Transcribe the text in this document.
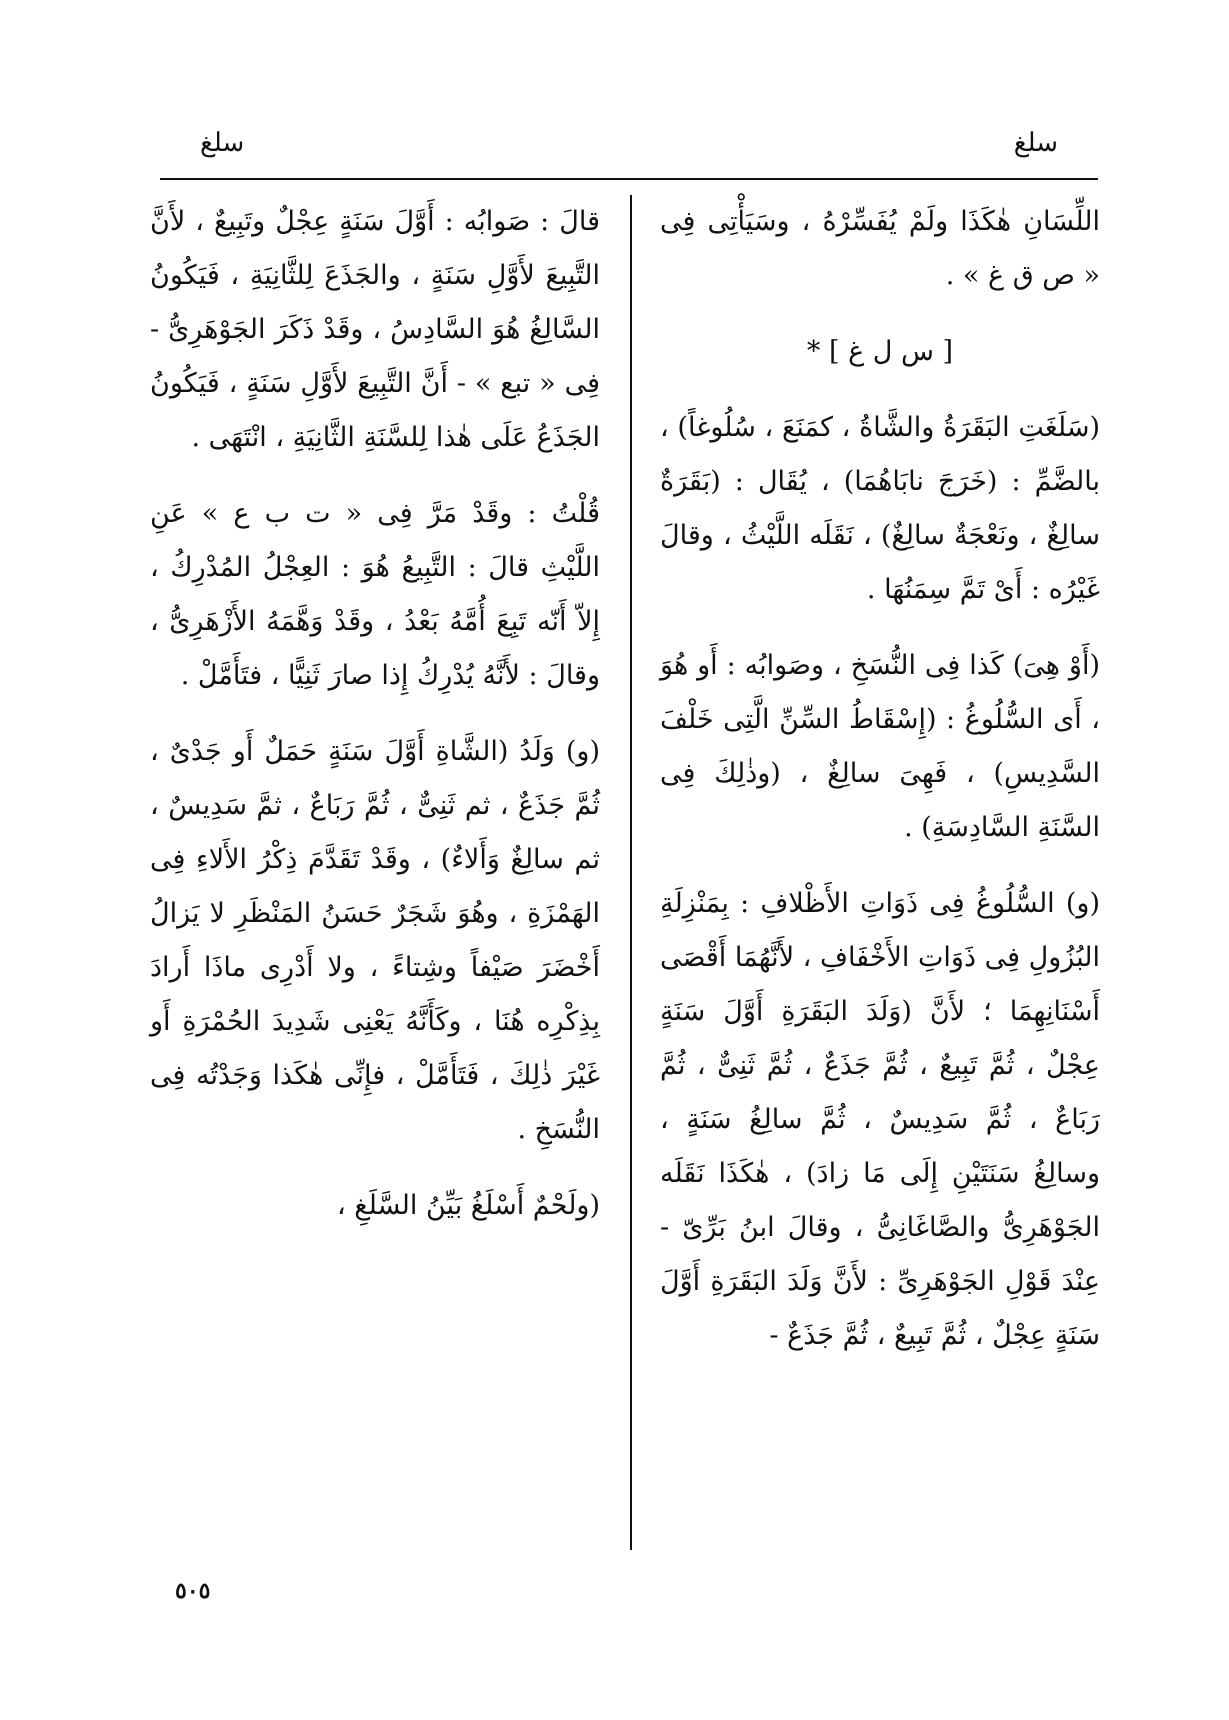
سلغ
سلغ

اللِّسَانِ هٰكَذَا ولَمْ يُفَسِّرْهُ ، وسَيَأْتِى فِى « ص ق غ » .

[ س ل غ ] *

(سَلَغَتِ البَقَرَةُ والشَّاةُ ، كمَنَعَ ، سُلُوغاً) ، بالضَّمِّ : (خَرَجَ نابَاهُمَا) ، يُقَال : (بَقَرَةٌ سالِغٌ ، ونَعْجَةٌ سالِغٌ) ، نَقَلَه اللَّيْثُ ، وقالَ غَيْرُه : أَىْ تَمَّ سِمَنُهَا .

(أَوْ هِىَ) كَذا فِى النُّسَخِ ، وصَوابُه : أَو هُوَ ، أَى السُّلُوغُ : (إِسْقَاطُ السِّنِّ الَّتِى خَلْفَ السَّدِيسِ) ، فَهِىَ سالِغٌ ، (وذٰلِكَ فِى السَّنَةِ السَّادِسَةِ) .

(و) السُّلُوغُ فِى ذَوَاتِ الأَظْلافِ : بِمَنْزِلَةِ البُزُولِ فِى ذَوَاتِ الأَخْفَافِ ، لأَنَّهُمَا أَقْصَى أَسْنَانِهِمَا ؛ لأَنَّ (وَلَدَ البَقَرَةِ أَوَّلَ سَنَةٍ عِجْلٌ ، ثُمَّ تَبِيعٌ ، ثُمَّ جَذَعٌ ، ثُمَّ ثَنِىٌّ ، ثُمَّ رَبَاعٌ ، ثُمَّ سَدِيسٌ ، ثُمَّ سالِغُ سَنَةٍ ، وسالِغُ سَنَتَيْنِ إِلَى مَا زادَ) ، هٰكَذَا نَقَلَه الجَوْهَرِىُّ والصَّاغَانِىُّ ، وقالَ ابنُ بَرِّىّ - عِنْدَ قَوْلِ الجَوْهَرِىِّ : لأَنَّ وَلَدَ البَقَرَةِ أَوَّلَ سَنَةٍ عِجْلٌ ، ثُمَّ تَبِيعٌ ، ثُمَّ جَذَعٌ -

قالَ : صَوابُه : أَوَّلَ سَنَةٍ عِجْلٌ وتَبِيعٌ ، لأَنَّ التَّبِيعَ لأَوَّلِ سَنَةٍ ، والجَذَعَ لِلثَّانِيَةِ ، فَيَكُونُ السَّالِغُ هُوَ السَّادِسُ ، وقَدْ ذَكَرَ الجَوْهَرِىُّ - فِى « تبع » - أَنَّ التَّبِيعَ لأَوَّلِ سَنَةٍ ، فَيَكُونُ الجَذَعُ عَلَى هٰذا لِلسَّنَةِ الثَّانِيَةِ ، انْتَهَى .

قُلْتُ : وقَدْ مَرَّ فِى « ت ب ع » عَنِ اللَّيْثِ قالَ : التَّبِيعُ هُوَ : العِجْلُ المُدْرِكُ ، إِلاّ أَنّه تَبِعَ أُمَّهُ بَعْدُ ، وقَدْ وَهَّمَهُ الأَزْهَرِىُّ ، وقالَ : لأَنَّهُ يُدْرِكُ إِذا صارَ ثَنِيًّا ، فتَأَمَّلْ .

(و) وَلَدُ (الشَّاةِ أَوَّلَ سَنَةٍ حَمَلٌ أَو جَدْىٌ ، ثُمَّ جَذَعٌ ، ثم ثَنِىٌّ ، ثُمَّ رَبَاعٌ ، ثمَّ سَدِيسٌ ، ثم سالِغٌ وَأَلاءٌ) ، وقَدْ تَقَدَّمَ ذِكْرُ الأَلاءِ فِى الهَمْزَةِ ، وهُوَ شَجَرٌ حَسَنُ المَنْظَرِ لا يَزالُ أَخْضَرَ صَيْفاً وشِتاءً ، ولا أَدْرِى ماذَا أَرادَ بِذِكْرِه هُنَا ، وكَأَنَّهُ يَعْنِى شَدِيدَ الحُمْرَةِ أَو غَيْرَ ذٰلِكَ ، فَتَأَمَّلْ ، فإِنِّى هٰكَذا وَجَدْتُه فِى النُّسَخِ .

(ولَحْمٌ أَسْلَغُ بَيِّنُ السَّلَغِ ،

٥٠٥
